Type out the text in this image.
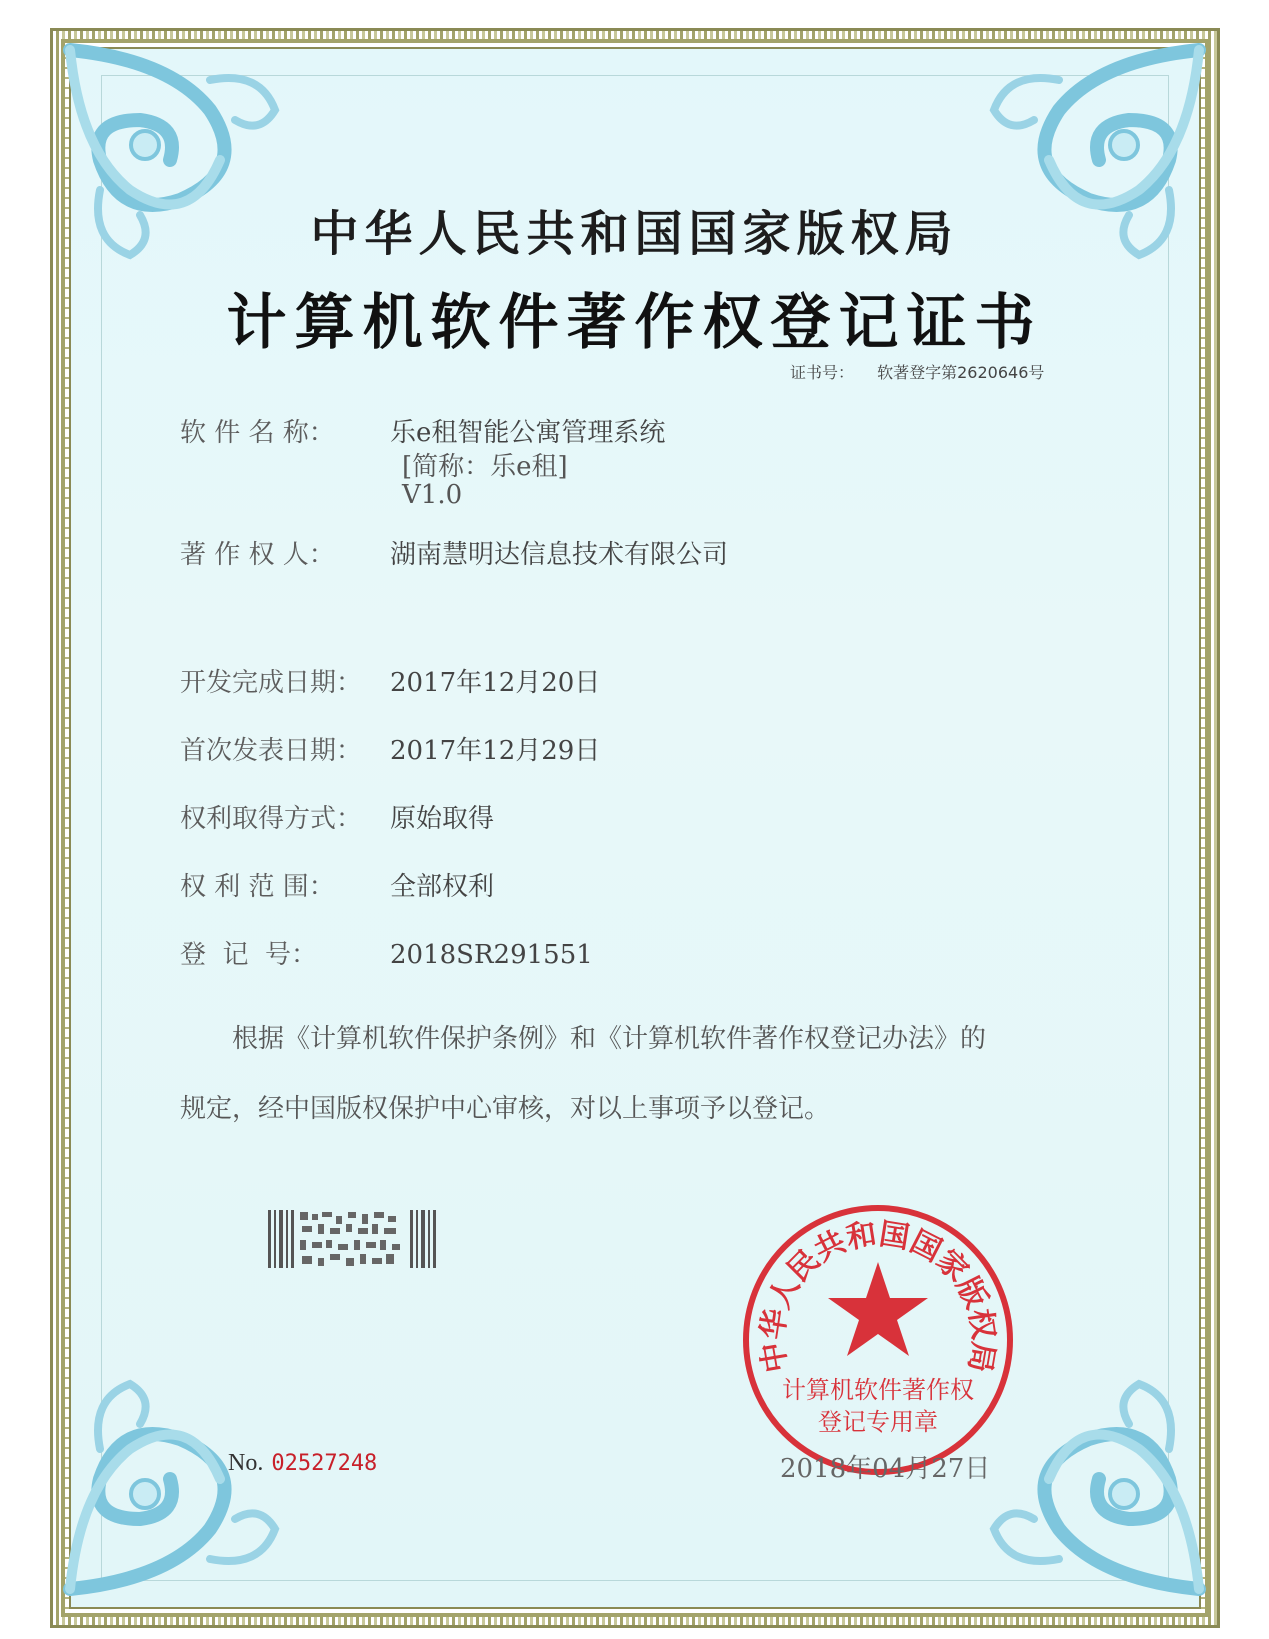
中华人民共和国国家版权局
计算机软件著作权登记证书
证书号： 软著登字第2620646号
软 件 名 称： 乐e租智能公寓管理系统
[简称：乐e租]
V1.0
著 作 权 人： 湖南慧明达信息技术有限公司
开发完成日期： 2017年12月20日
首次发表日期： 2017年12月29日
权利取得方式： 原始取得
权 利 范 围： 全部权利
登  记  号：	2018SR291551
根据《计算机软件保护条例》和《计算机软件著作权登记办法》的
规定，经中国版权保护中心审核，对以上事项予以登记。
No. 02527248
中华人民共和国国家版权局
计算机软件著作权
登记专用章
2018年04月27日
